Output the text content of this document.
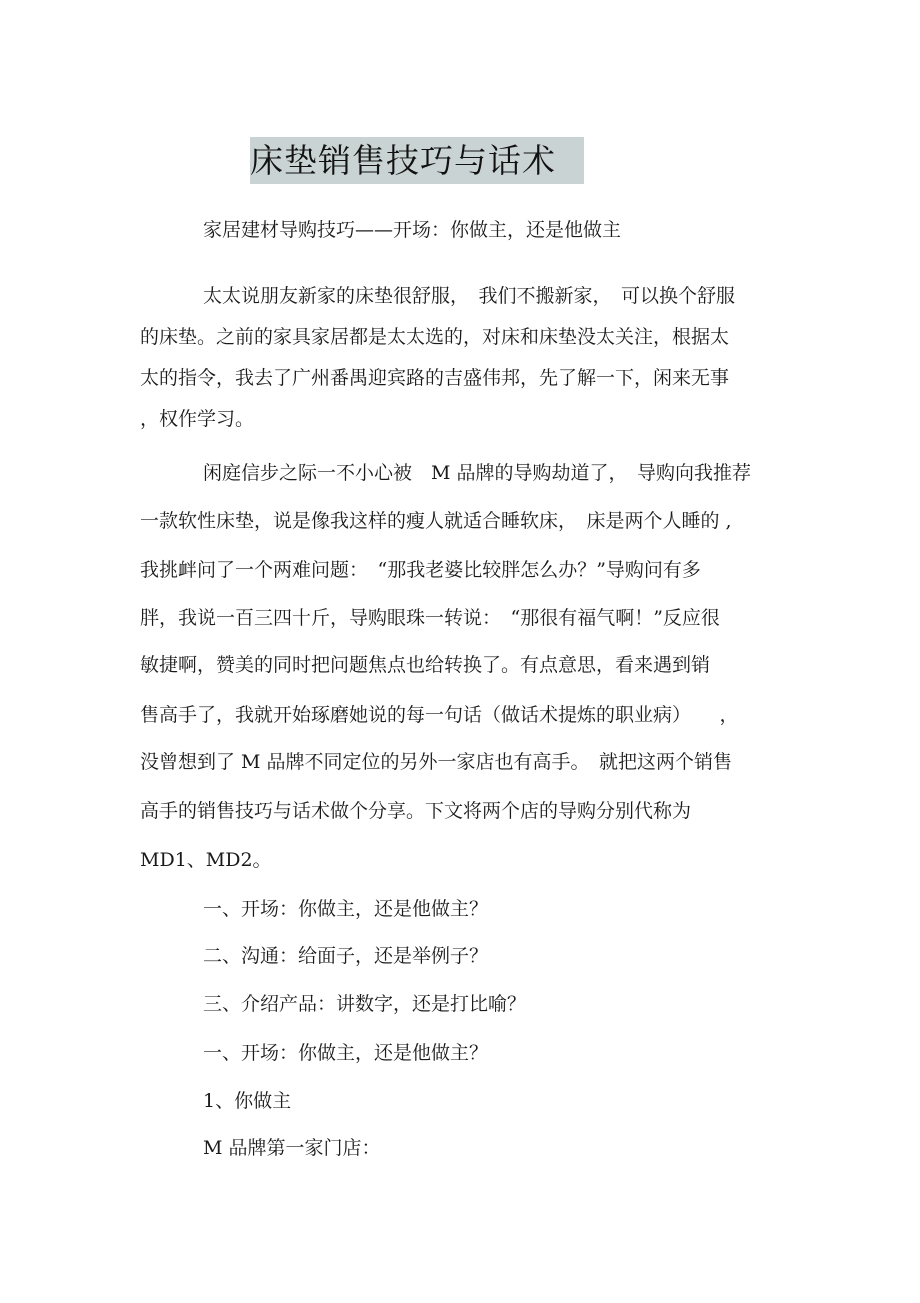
床垫销售技巧与话术
家居建材导购技巧——开场：你做主，还是他做主
太太说朋友新家的床垫很舒服，　我们不搬新家，　可以换个舒服
的床垫。之前的家具家居都是太太选的，对床和床垫没太关注，根据太
太的指令，我去了广州番禺迎宾路的吉盛伟邦，先了解一下，闲来无事
，权作学习。
闲庭信步之际一不小心被　M 品牌的导购劫道了，　导购向我推荐
一款软性床垫，说是像我这样的瘦人就适合睡软床，　床是两个人睡的 ,
我挑衅问了一个两难问题：　“那我老婆比较胖怎么办？”导购问有多
胖，我说一百三四十斤，导购眼珠一转说：　“那很有福气啊！”反应很
敏捷啊，赞美的同时把问题焦点也给转换了。有点意思，看来遇到销
售高手了，我就开始琢磨她说的每一句话（做话术提炼的职业病）　　，
没曾想到了 M 品牌不同定位的另外一家店也有高手。　就把这两个销售
高手的销售技巧与话术做个分享。下文将两个店的导购分别代称为
MD1、MD2。
一、开场：你做主，还是他做主？
二、沟通：给面子，还是举例子？
三、介绍产品：讲数字，还是打比喻？
一、开场：你做主，还是他做主？
1、你做主
M 品牌第一家门店：
